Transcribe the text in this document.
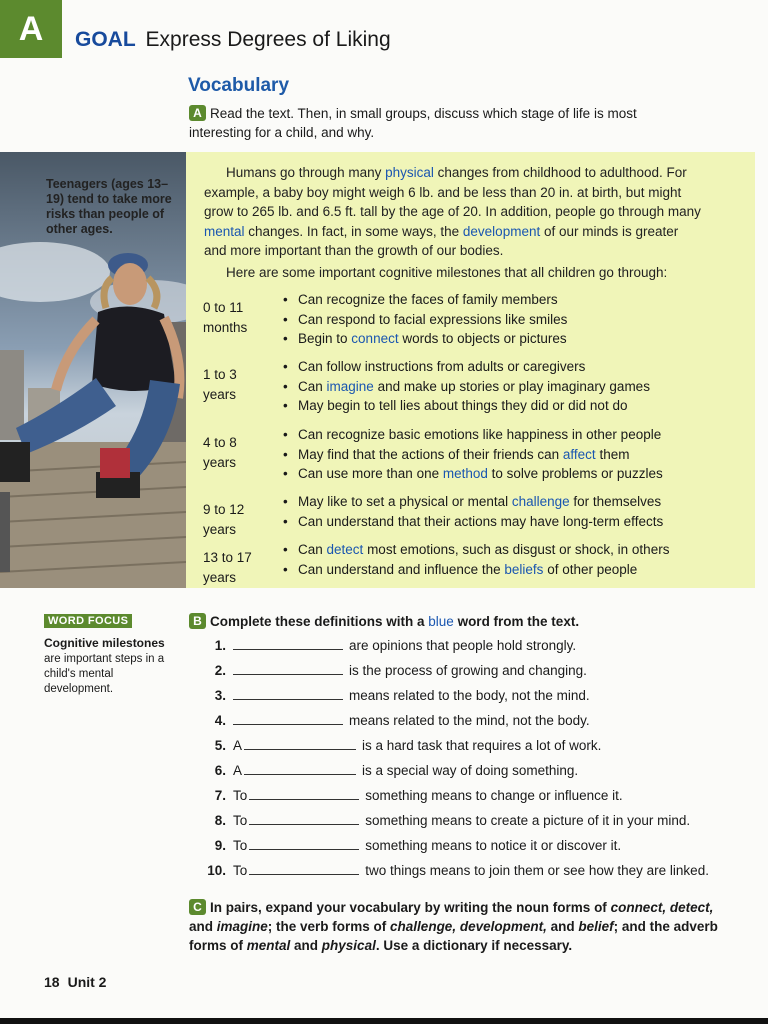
A	GOAL Express Degrees of Liking
Vocabulary
A Read the text. Then, in small groups, discuss which stage of life is most interesting for a child, and why.
Teenagers (ages 13–19) tend to take more risks than people of other ages.

Humans go through many physical changes from childhood to adulthood. For example, a baby boy might weigh 6 lb. and be less than 20 in. at birth, but might grow to 265 lb. and 6.5 ft. tall by the age of 20. In addition, people go through many mental changes. In fact, in some ways, the development of our minds is greater and more important than the growth of our bodies.

Here are some important cognitive milestones that all children go through:

0 to 11 months
• Can recognize the faces of family members
• Can respond to facial expressions like smiles
• Begin to connect words to objects or pictures
1 to 3 years
• Can follow instructions from adults or caregivers
• Can imagine and make up stories or play imaginary games
• May begin to tell lies about things they did or did not do
4 to 8 years
• Can recognize basic emotions like happiness in other people
• May find that the actions of their friends can affect them
• Can use more than one method to solve problems or puzzles
9 to 12 years
• May like to set a physical or mental challenge for themselves
• Can understand that their actions may have long-term effects
13 to 17 years
• Can detect most emotions, such as disgust or shock, in others
• Can understand and influence the beliefs of other people
WORD FOCUS
Cognitive milestones
are important steps in a child's mental development.
B Complete these definitions with a blue word from the text.
1.	are opinions that people hold strongly.
2.	is the process of growing and changing.
3.	means related to the body, not the mind.
4.	means related to the mind, not the body.
5. A	is a hard task that requires a lot of work.
6. A	is a special way of doing something.
7. To	something means to change or influence it.
8. To	something means to create a picture of it in your mind.
9. To	something means to notice it or discover it.
10. To	two things means to join them or see how they are linked.
C In pairs, expand your vocabulary by writing the noun forms of connect, detect, and imagine; the verb forms of challenge, development, and belief; and the adverb forms of mental and physical. Use a dictionary if necessary.
18 Unit 2
